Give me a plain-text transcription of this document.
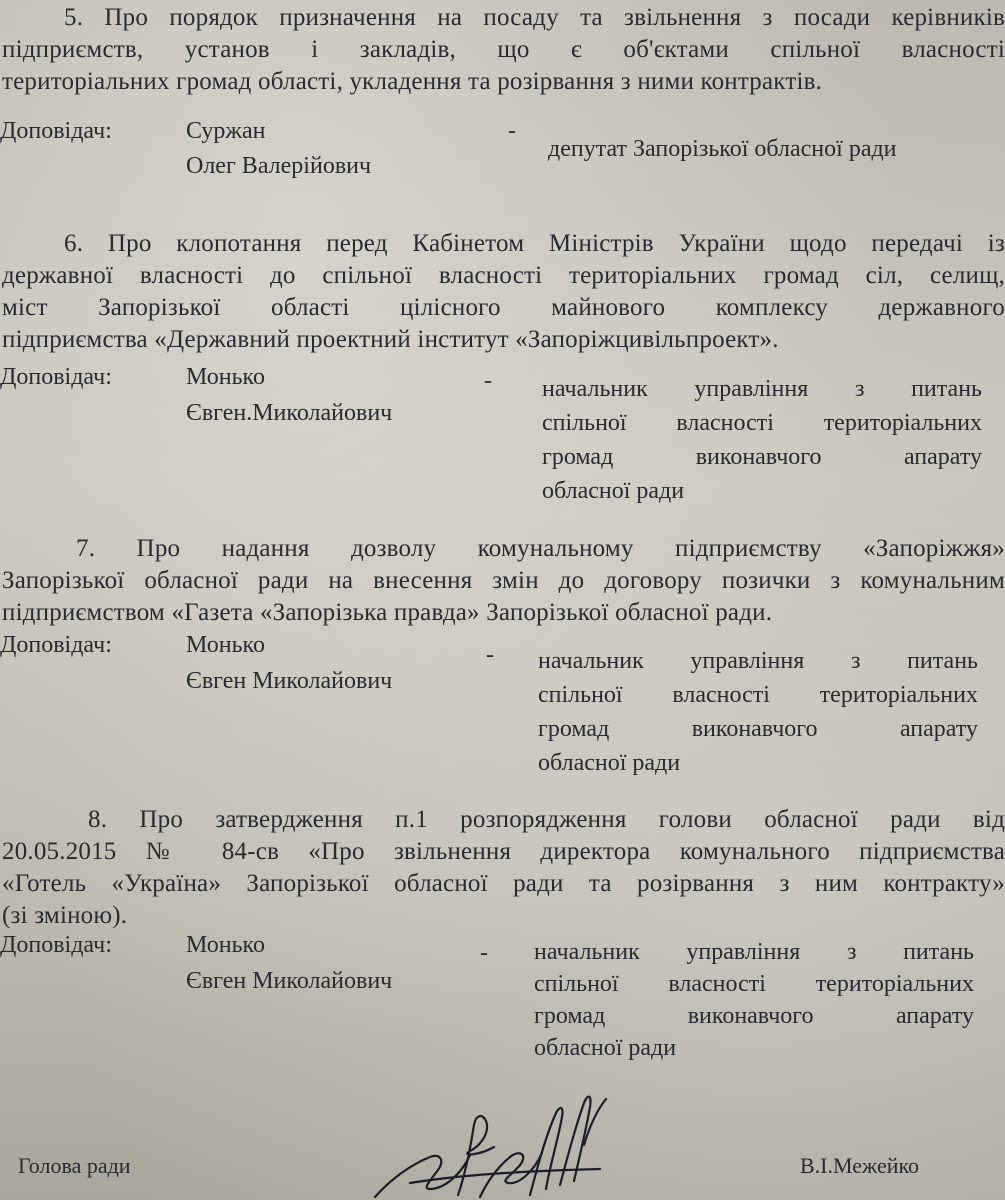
5. Про порядок призначення на посаду та звільнення з посади керівників
підприємств, установ і закладів, що є об'єктами спільної власності
територіальних громад області, укладення та розірвання з ними контрактів.
Доповідач:	Суржан
Олег Валерійович
-
депутат Запорізької обласної ради
6. Про клопотання перед Кабінетом Міністрів України щодо передачі із
державної власності до спільної власності територіальних громад сіл, селищ,
міст Запорізької області цілісного майнового комплексу державного
підприємства «Державний проектний інститут «Запоріжцивільпроект».
Доповідач:	Монько
Євген.Миколайович
- начальник управління з питань
спільної власності територіальних
громад виконавчого апарату
обласної ради
7. Про надання дозволу комунальному підприємству «Запоріжжя»
Запорізької обласної ради на внесення змін до договору позички з комунальним
підприємством «Газета «Запорізька правда» Запорізької обласної ради.
Доповідач:	Монько
Євген Миколайович
- начальник управління з питань
спільної власності територіальних
громад виконавчого апарату
обласної ради
8. Про затвердження п.1 розпорядження голови обласної ради від
20.05.2015 № 84-св «Про звільнення директора комунального підприємства
«Готель «Україна» Запорізької обласної ради та розірвання з ним контракту»
(зі зміною).
Доповідач:	Монько
Євген Миколайович
- начальник управління з питань
спільної власності територіальних
громад виконавчого апарату
обласної ради
Голова ради	В.І.Межейко
